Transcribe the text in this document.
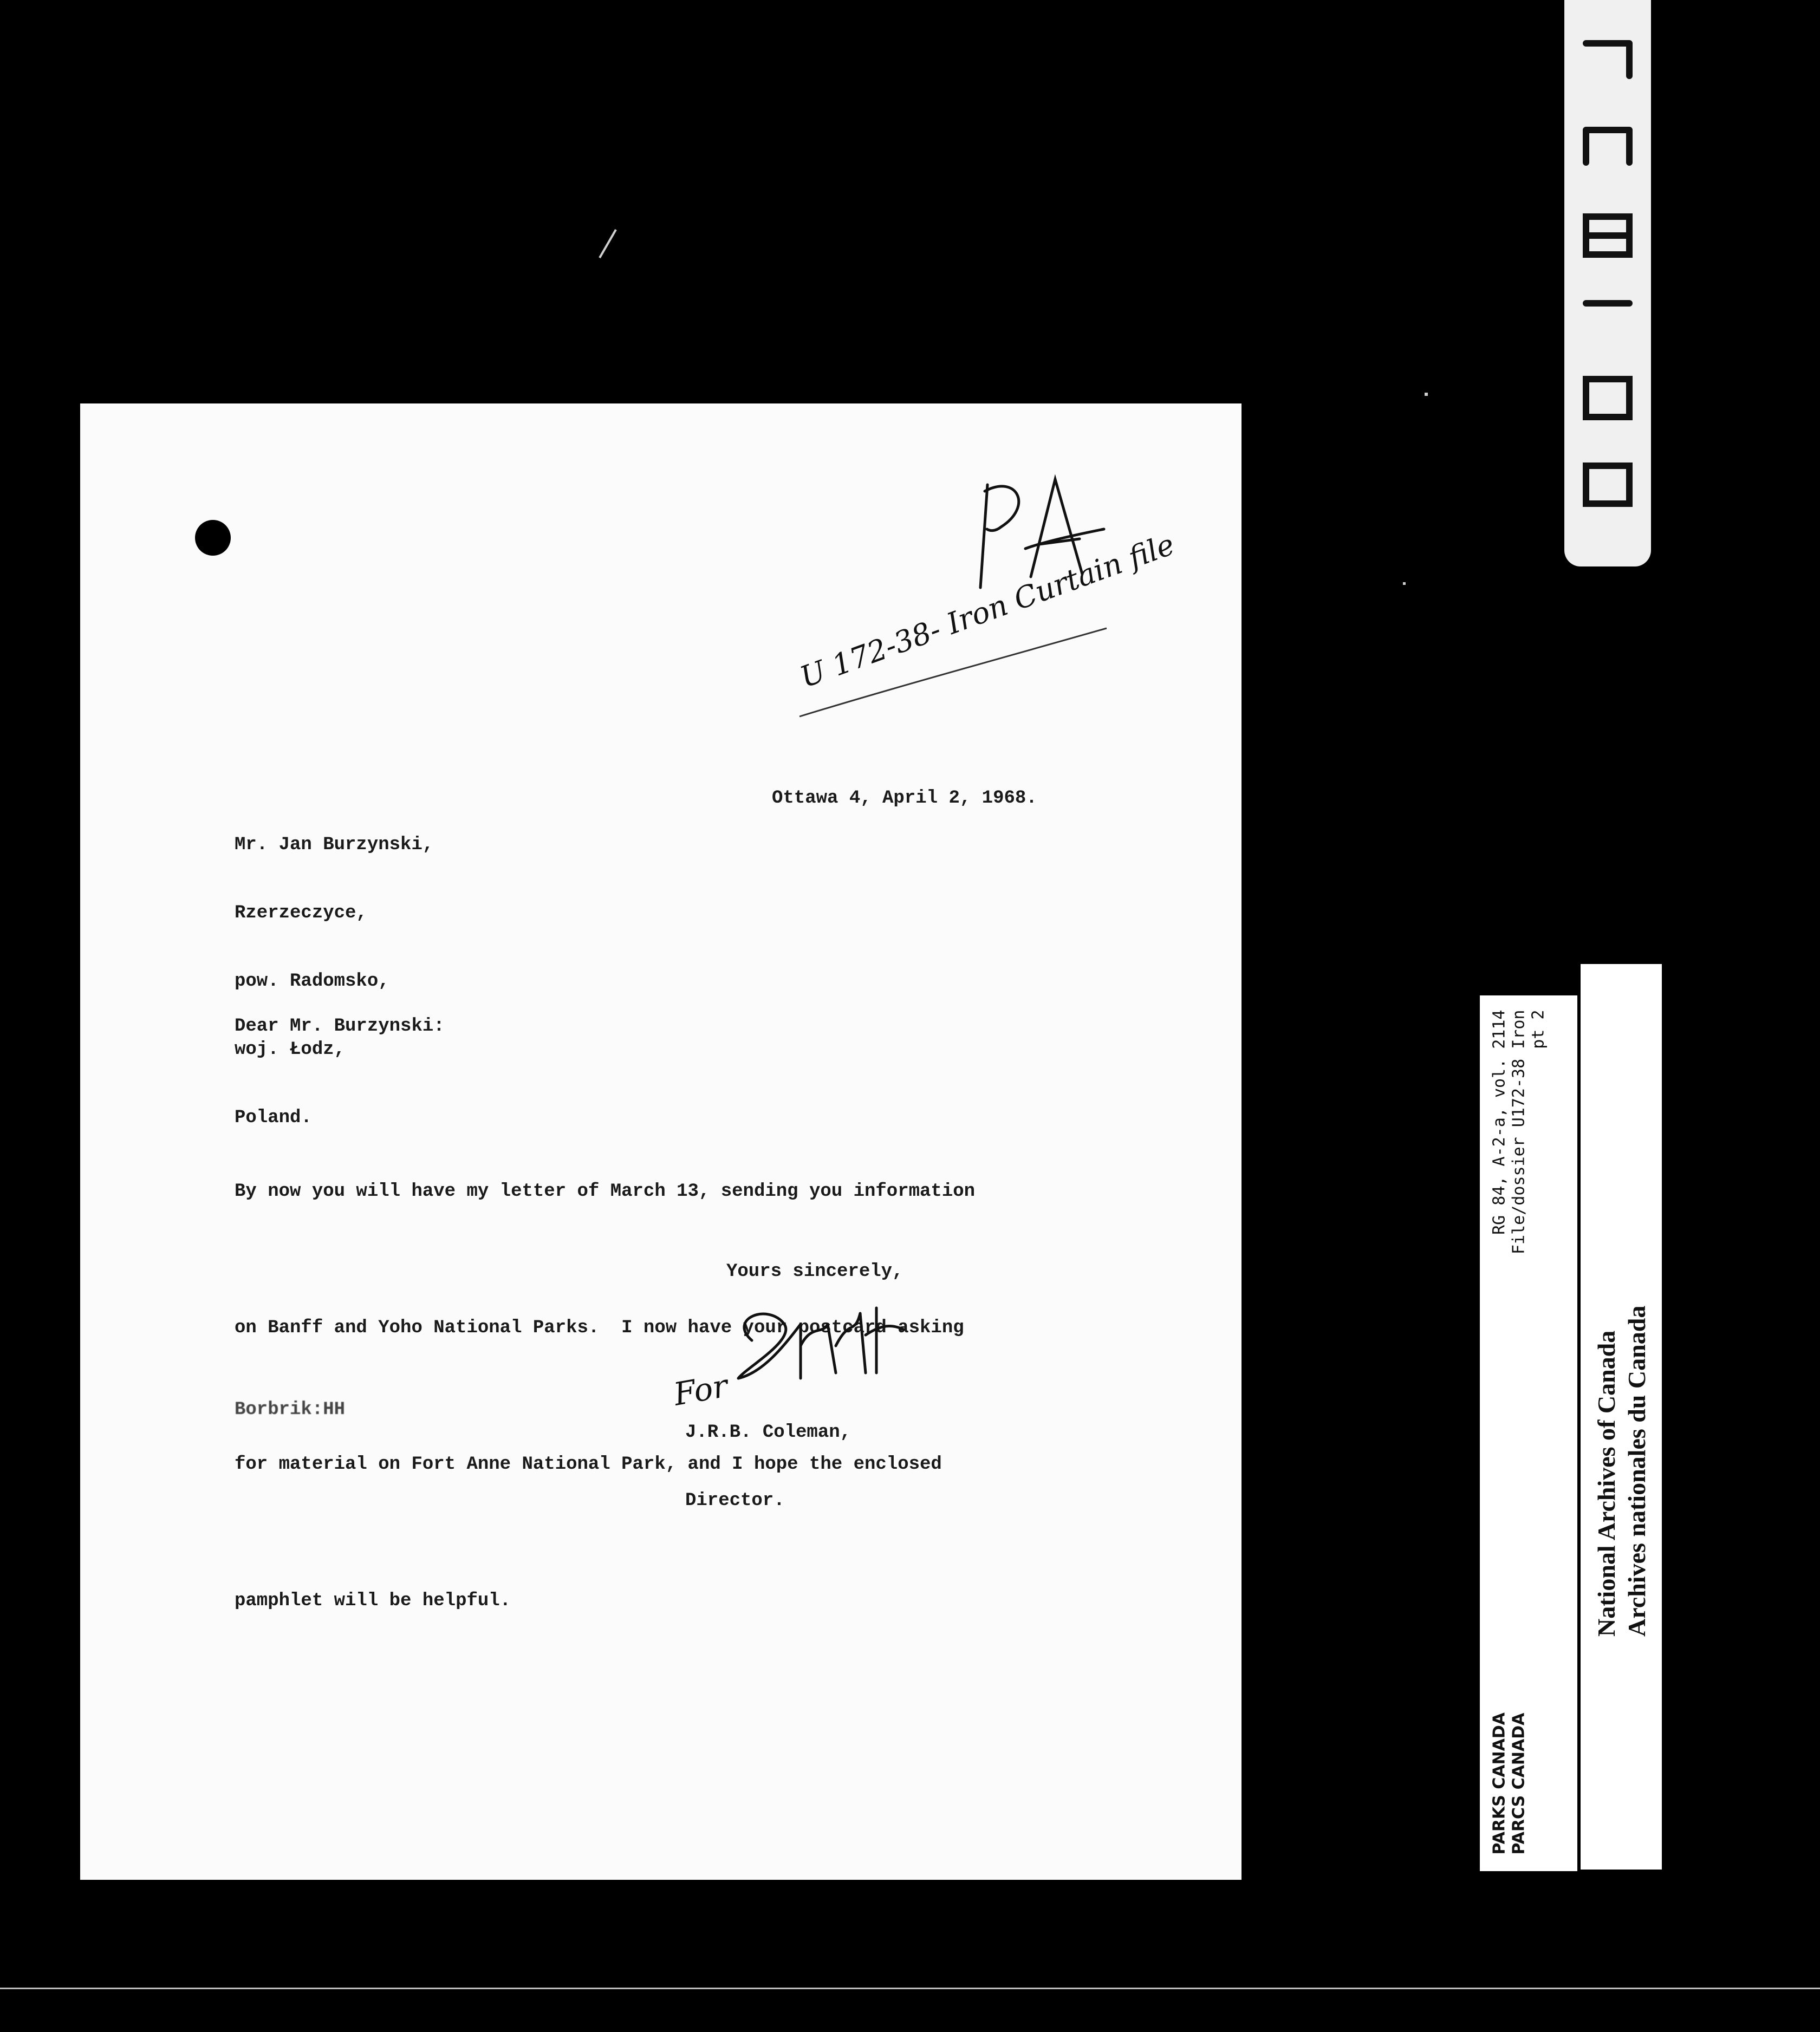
Mr. Jan Burzynski,

Rzerzeczyce,

pow. Radomsko,

woj. Łodz,

Poland.

Ottawa 4, April 2, 1968.
Dear Mr. Burzynski:

By now you will have my letter of March 13, sending you information

on Banff and Yoho National Parks.  I now have your postcard asking

for material on Fort Anne National Park, and I hope the enclosed

pamphlet will be helpful.

Yours sincerely,

J.R.B. Coleman,

Director.

Borbrik:HH
U 172-38- Iron Curtain file
For
RG 84, A-2-a, vol. 2114 File/dossier U172-38 Iron pt 2
PARKS CANADA PARCS CANADA
National Archives of Canada Archives nationales du Canada
